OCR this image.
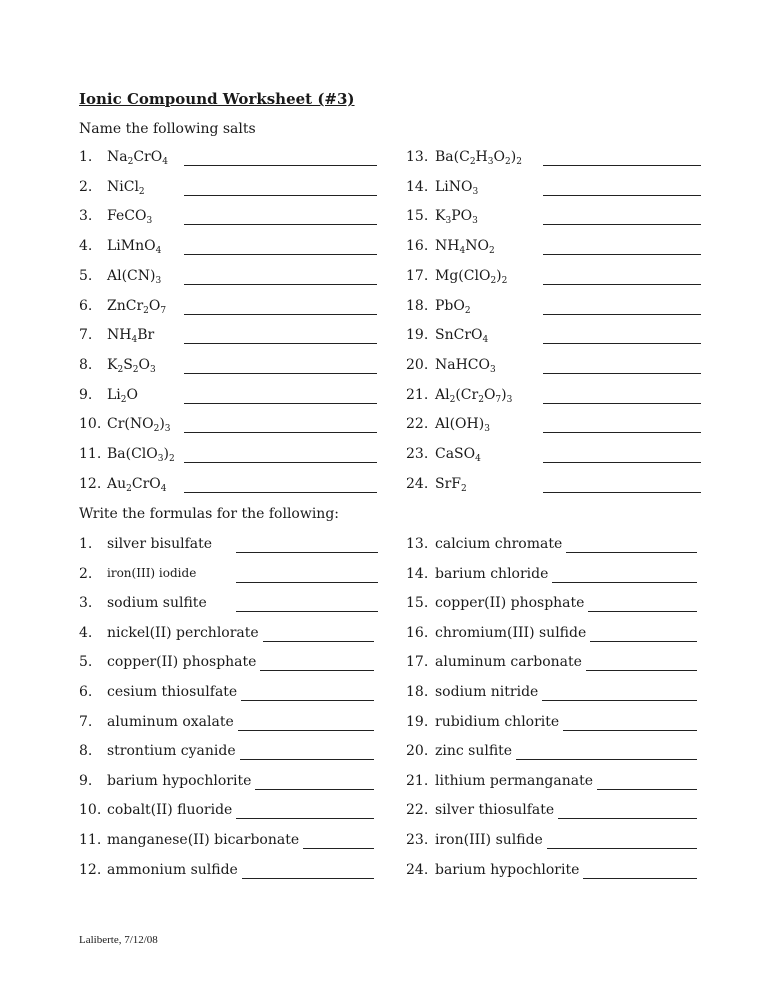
Ionic Compound Worksheet (#3)
Name the following salts
Write the formulas for the following:
1. $Na_2CrO_4$
2. NiCl$_2$
3. FeCO$_3$
4. LiMnO$_4$
5. $Al(CN)_3$
6. $ZnCr_2O_7$
7. $NH_4Br$
8. $K_2S_2O_3$
9. $Li_2O$
10. $Cr(NO_2)_3$
11. $Ba(ClO_3)_2$
12. $Au_2CrO_4$
13. $Ba(C_2H_3O_2)_2$
14. LiNO$_3$
15. $K_3PO_3$
16. $NH_4NO_2$
17. $Mg(ClO_2)_2$
18. PbO$_2$
19. SnCrO$_4$
20. NaHCO$_3$
21. $Al_2(Cr_2O_7)_3$
22. $Al(OH)_3$
23. CaSO$_4$
24. SrF$_2$
1. silver bisulfate
2. iron(III) iodide
3. sodium sulfite
4. nickel(II) perchlorate
5. copper(II) phosphate
6. cesium thiosulfate
7. aluminum oxalate
8. strontium cyanide
9. barium hypochlorite
10. cobalt(II) fluoride
11. manganese(II) bicarbonate
12. ammonium sulfide
13. calcium chromate
14. barium chloride
15. copper(II) phosphate
16. chromium(III) sulfide
17. aluminum carbonate
18. sodium nitride
19. rubidium chlorite
20. zinc sulfite
21. lithium permanganate
22. silver thiosulfate
23. iron(III) sulfide
24. barium hypochlorite
Laliberte, 7/12/08
